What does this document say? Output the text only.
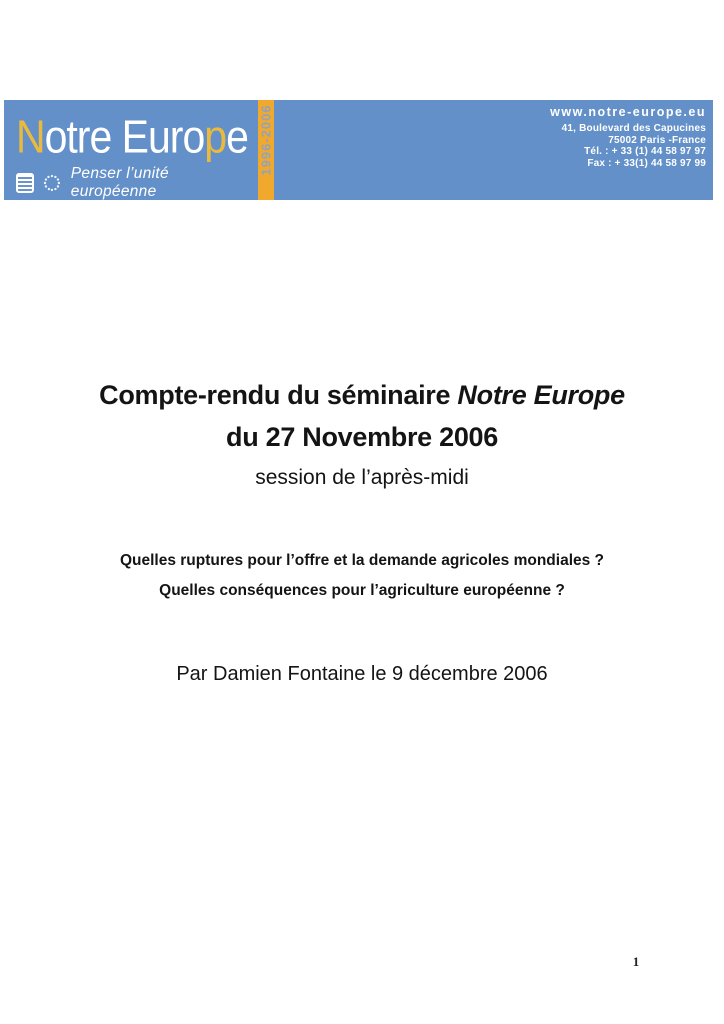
Notre Europe
Penser l’unité européenne
1996-2006	www.notre-europe.eu
41, Boulevard des Capucines
75002 Paris -France
Tél. : + 33 (1) 44 58 97 97
Fax : + 33(1) 44 58 97 99
Compte-rendu du séminaire Notre Europe
du 27 Novembre 2006
session de l’après-midi
Quelles ruptures pour l’offre et la demande agricoles mondiales ?
Quelles conséquences pour l’agriculture européenne ?
Par Damien Fontaine le 9 décembre 2006
1
